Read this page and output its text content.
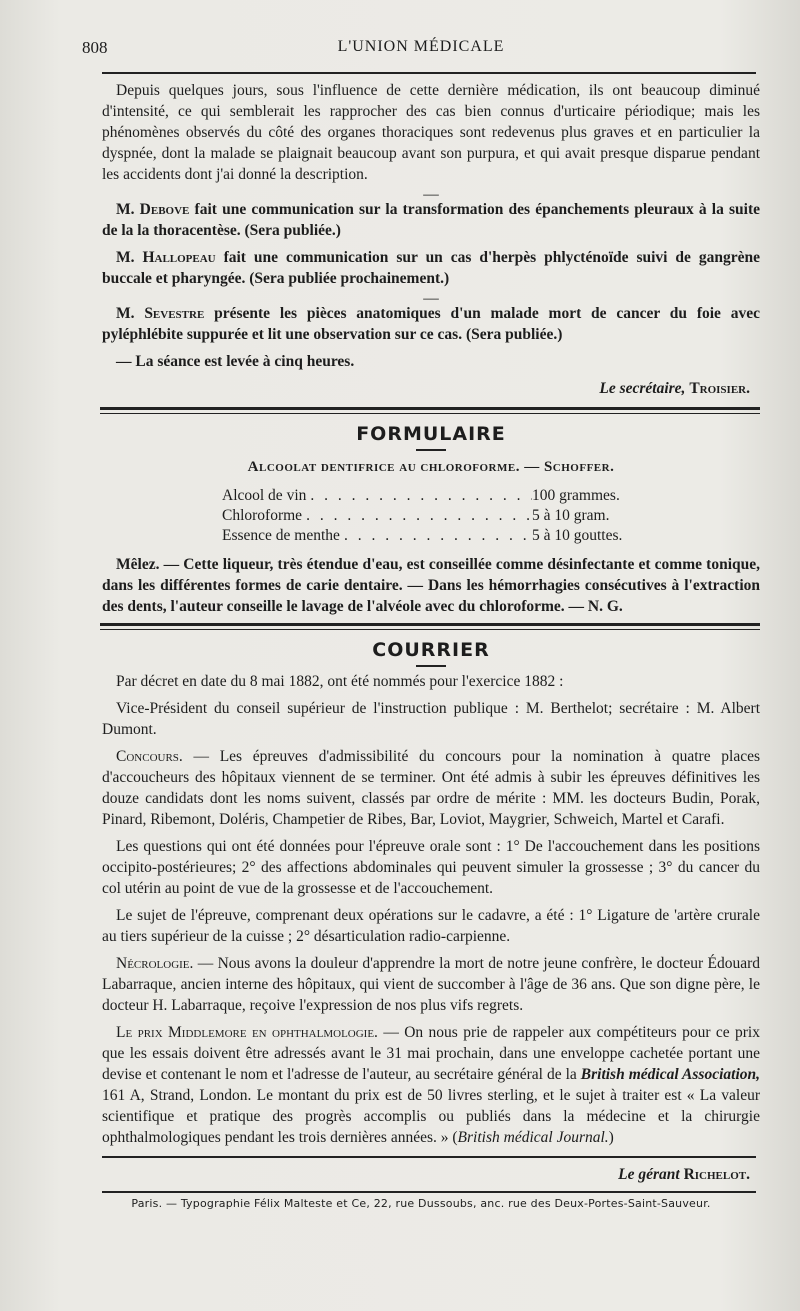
808	L'UNION MÉDICALE

Depuis quelques jours, sous l'influence de cette dernière médication, ils ont beaucoup diminué d'intensité, ce qui semblerait les rapprocher des cas bien connus d'urticaire périodique; mais les phénomènes observés du côté des organes thoraciques sont redevenus plus graves et en particulier la dyspnée, dont la malade se plaignait beaucoup avant son purpura, et qui avait presque disparue pendant les accidents dont j'ai donné la description.

—

M. Debove fait une communication sur la transformation des épanchements pleuraux à la suite de la la thoracentèse. (Sera publiée.)

M. Hallopeau fait une communication sur un cas d'herpès phlycténoïde suivi de gangrène buccale et pharyngée. (Sera publiée prochainement.)

—

M. Sevestre présente les pièces anatomiques d'un malade mort de cancer du foie avec pyléphlébite suppurée et lit une observation sur ce cas. (Sera publiée.)

— La séance est levée à cinq heures.

Le secrétaire, Troisier.
FORMULAIRE
Alcoolat dentifrice au chloroforme. — Schoffer.
Alcool de vin . . .	100 grammes.
Chloroforme . . .	5 à 10 gram.
Essence de menthe . . .	5 à 10 gouttes.

Mêlez. — Cette liqueur, très étendue d'eau, est conseillée comme désinfectante et comme tonique, dans les différentes formes de carie dentaire. — Dans les hémorrhagies consécutives à l'extraction des dents, l'auteur conseille le lavage de l'alvéole avec du chloroforme. — N. G.

COURRIER

Par décret en date du 8 mai 1882, ont été nommés pour l'exercice 1882 :

Vice-Président du conseil supérieur de l'instruction publique : M. Berthelot; secrétaire : M. Albert Dumont.

Concours. — Les épreuves d'admissibilité du concours pour la nomination à quatre places d'accoucheurs des hôpitaux viennent de se terminer. Ont été admis à subir les épreuves définitives les douze candidats dont les noms suivent, classés par ordre de mérite : MM. les docteurs Budin, Porak, Pinard, Ribemont, Doléris, Champetier de Ribes, Bar, Loviot, Maygrier, Schweich, Martel et Carafi.

Les questions qui ont été données pour l'épreuve orale sont : 1° De l'accouchement dans les positions occipito-postérieures; 2° des affections abdominales qui peuvent simuler la grossesse ; 3° du cancer du col utérin au point de vue de la grossesse et de l'accouchement.

Le sujet de l'épreuve, comprenant deux opérations sur le cadavre, a été : 1° Ligature de 'artère crurale au tiers supérieur de la cuisse ; 2° désarticulation radio-carpienne.

Nécrologie. — Nous avons la douleur d'apprendre la mort de notre jeune confrère, le docteur Édouard Labarraque, ancien interne des hôpitaux, qui vient de succomber à l'âge de 36 ans. Que son digne père, le docteur H. Labarraque, reçoive l'expression de nos plus vifs regrets.

Le prix Middlemore en ophthalmologie. — On nous prie de rappeler aux compétiteurs pour ce prix que les essais doivent être adressés avant le 31 mai prochain, dans une enveloppe cachetée portant une devise et contenant le nom et l'adresse de l'auteur, au secrétaire général de la British médical Association, 161 A, Strand, London. Le montant du prix est de 50 livres sterling, et le sujet à traiter est « La valeur scientifique et pratique des progrès accomplis ou publiés dans la médecine et la chirurgie ophthalmologiques pendant les trois dernières années. » (British médical Journal.)

Le gérant Richelot.
Paris. — Typographie Félix Malteste et Ce, 22, rue Dussoubs, anc. rue des Deux-Portes-Saint-Sauveur.
